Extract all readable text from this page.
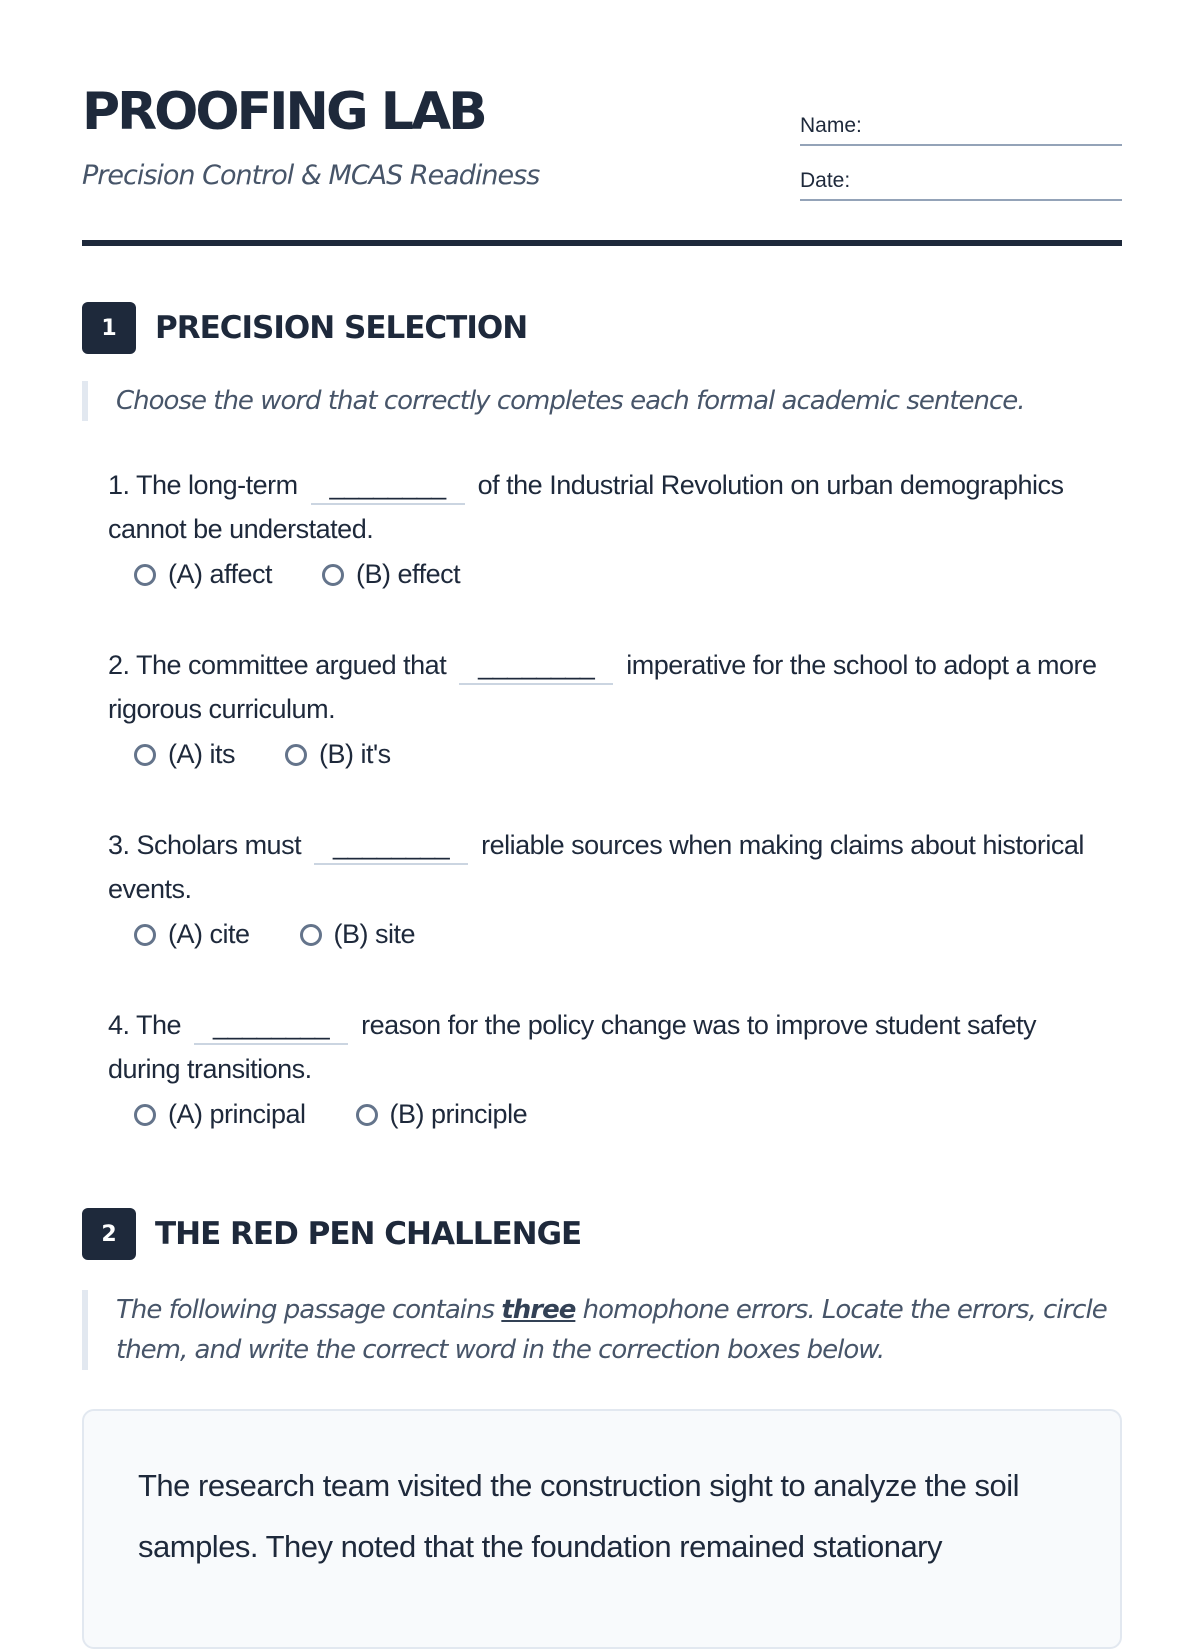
PROOFING LAB
Precision Control & MCAS Readiness
Name:
Date:
1	PRECISION SELECTION
Choose the word that correctly completes each formal academic sentence.
1. The long-term ________ of the Industrial Revolution on urban demographics cannot be understated.
(A) affect	(B) effect
2. The committee argued that ________ imperative for the school to adopt a more rigorous curriculum.
(A) its	(B) it's
3. Scholars must ________ reliable sources when making claims about historical events.
(A) cite	(B) site
4. The ________ reason for the policy change was to improve student safety during transitions.
(A) principal	(B) principle
2	THE RED PEN CHALLENGE
The following passage contains three homophone errors. Locate the errors, circle them, and write the correct word in the correction boxes below.
The research team visited the construction sight to analyze the soil samples. They noted that the foundation remained stationary
